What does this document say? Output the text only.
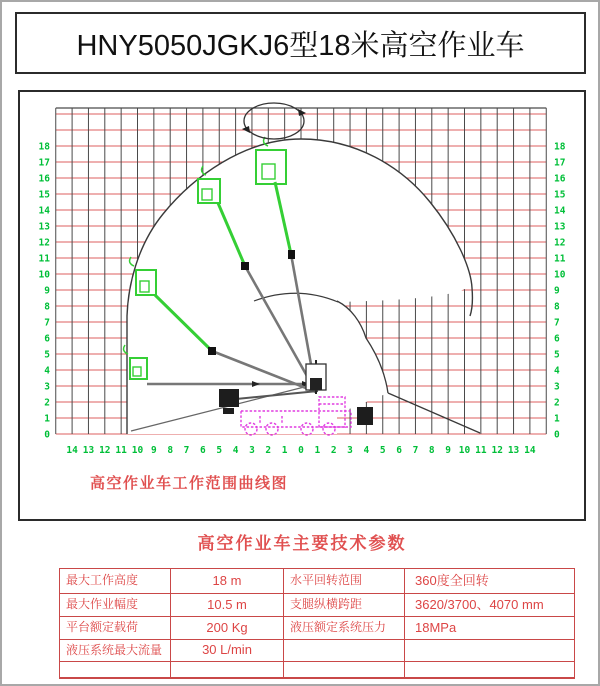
HNY5050JGKJ6型18米高空作业车
0	0
1	1
2	2
3	3
4	4
5	5
6	6
7	7
8	8
9	9
10	10
11	11
12	12
13	13
14	14
15	15
16	16
17	17
18	18
14 13 12 11 10 9 8 7 6 5 4 3 2 1 0 1 2 3 4 5 6 7 8 9 10 11 12 13 14
高空作业车工作范围曲线图
高空作业车主要技术参数
最大工作高度	18 m	水平回转范围	360度全回转
最大作业幅度	10.5 m	支腿纵横跨距	3620/3700、4070 mm
平台额定载荷	200 Kg	液压额定系统压力	18MPa
液压系统最大流量	30 L/min
